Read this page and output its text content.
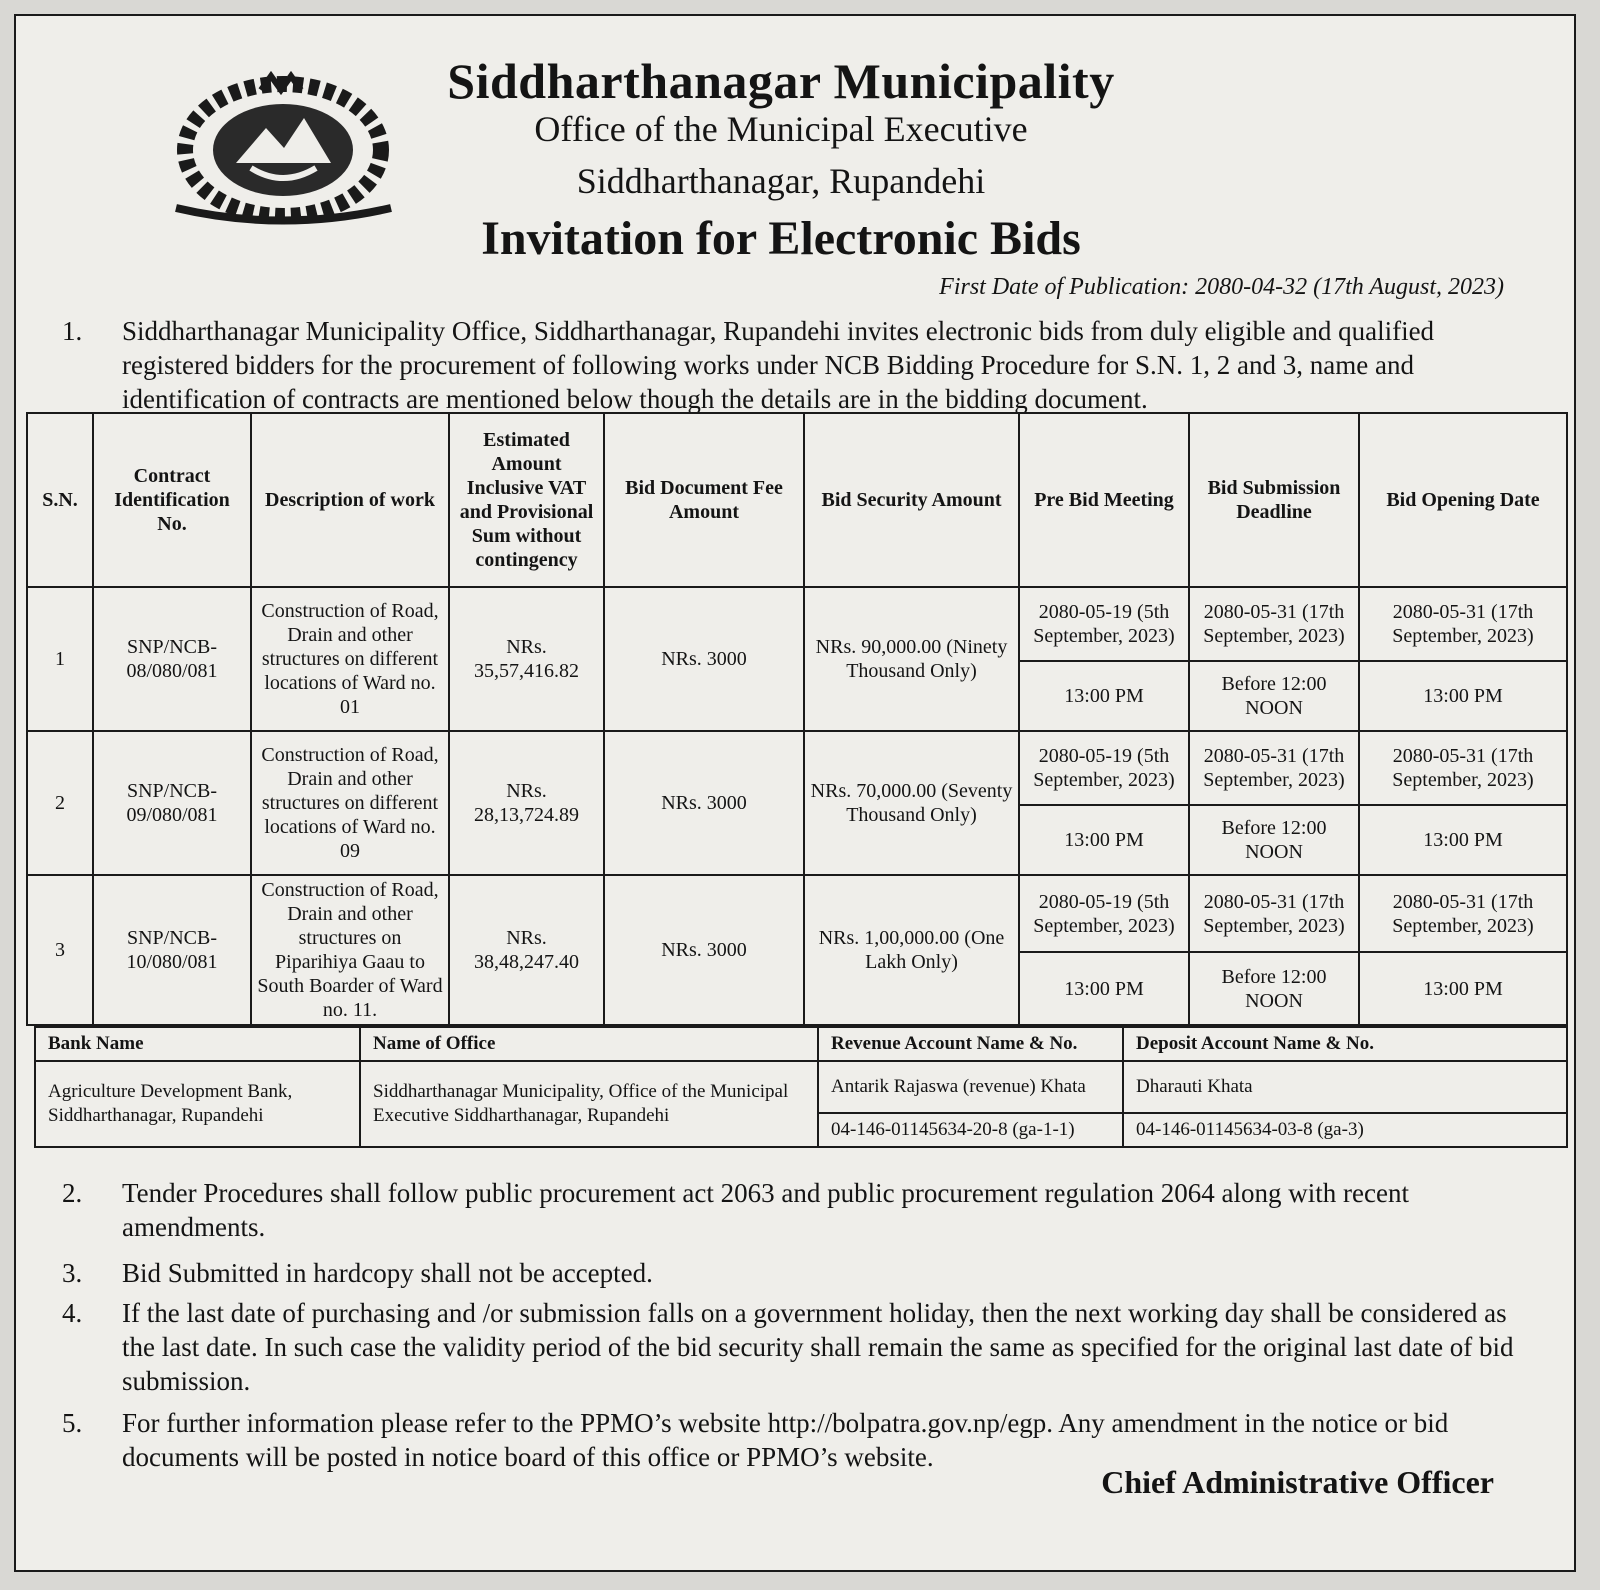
Siddharthanagar Municipality
Office of the Municipal Executive
Siddharthanagar, Rupandehi
Invitation for Electronic Bids
First Date of Publication: 2080-04-32 (17th August, 2023)
1.	Siddharthanagar Municipality Office, Siddharthanagar, Rupandehi invites electronic bids from duly eligible and qualified registered bidders for the procurement of following works under NCB Bidding Procedure for S.N. 1, 2 and 3, name and identification of contracts are mentioned below though the details are in the bidding document.
S.N.	Contract Identification No.	Description of work	Estimated Amount Inclusive VAT and Provisional Sum without contingency	Bid Document Fee Amount	Bid Security Amount	Pre Bid Meeting	Bid Submission Deadline	Bid Opening Date
1	SNP/NCB-08/080/081	Construction of Road, Drain and other structures on different locations of Ward no. 01	NRs. 35,57,416.82	NRs. 3000	NRs. 90,000.00 (Ninety Thousand Only)	2080-05-19 (5th September, 2023)	2080-05-31 (17th September, 2023)	2080-05-31 (17th September, 2023)
						13:00 PM	Before 12:00 NOON	13:00 PM
2	SNP/NCB-09/080/081	Construction of Road, Drain and other structures on different locations of Ward no. 09	NRs. 28,13,724.89	NRs. 3000	NRs. 70,000.00 (Seventy Thousand Only)	2080-05-19 (5th September, 2023)	2080-05-31 (17th September, 2023)	2080-05-31 (17th September, 2023)
						13:00 PM	Before 12:00 NOON	13:00 PM
3	SNP/NCB-10/080/081	Construction of Road, Drain and other structures on Piparihiya Gaau to South Boarder of Ward no. 11.	NRs. 38,48,247.40	NRs. 3000	NRs. 1,00,000.00 (One Lakh Only)	2080-05-19 (5th September, 2023)	2080-05-31 (17th September, 2023)	2080-05-31 (17th September, 2023)
						13:00 PM	Before 12:00 NOON	13:00 PM
Bank Name	Name of Office	Revenue Account Name & No.	Deposit Account Name & No.
Agriculture Development Bank, Siddharthanagar, Rupandehi	Siddharthanagar Municipality, Office of the Municipal Executive Siddharthanagar, Rupandehi	Antarik Rajaswa (revenue) Khata	Dharauti Khata
		04-146-01145634-20-8 (ga-1-1)	04-146-01145634-03-8 (ga-3)
2.	Tender Procedures shall follow public procurement act 2063 and public procurement regulation 2064 along with recent amendments.
3.	Bid Submitted in hardcopy shall not be accepted.
4.	If the last date of purchasing and /or submission falls on a government holiday, then the next working day shall be considered as the last date. In such case the validity period of the bid security shall remain the same as specified for the original last date of bid submission.
5.	For further information please refer to the PPMO’s website http://bolpatra.gov.np/egp. Any amendment in the notice or bid documents will be posted in notice board of this office or PPMO’s website.
Chief Administrative Officer
